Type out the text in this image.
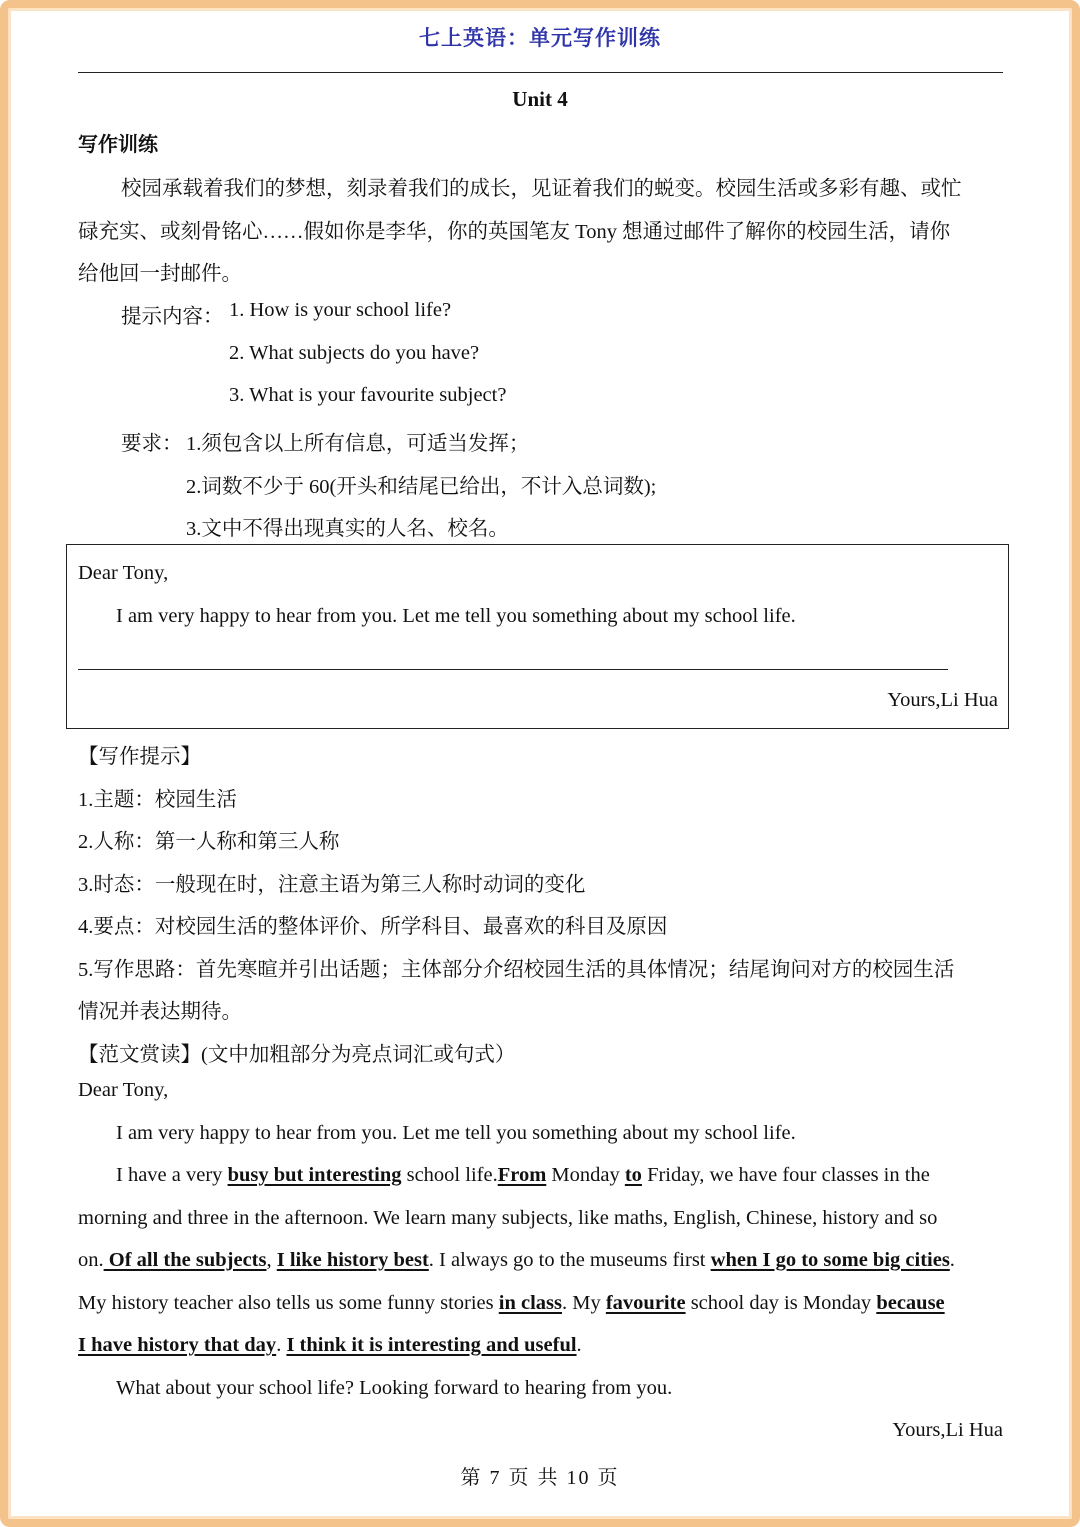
七上英语：单元写作训练
Unit 4
写作训练
校园承载着我们的梦想，刻录着我们的成长，见证着我们的蜕变。校园生活或多彩有趣、或忙
碌充实、或刻骨铭心……假如你是李华，你的英国笔友 Tony 想通过邮件了解你的校园生活，请你
给他回一封邮件。
提示内容： 1. How is your school life?
2. What subjects do you have?
3. What is your favourite subject?
要求： 1.须包含以上所有信息，可适当发挥；
2.词数不少于 60(开头和结尾已给出，不计入总词数);
3.文中不得出现真实的人名、校名。
Dear Tony,
I am very happy to hear from you. Let me tell you something about my school life.
Yours,Li Hua
【写作提示】
1.主题：校园生活
2.人称：第一人称和第三人称
3.时态：一般现在时，注意主语为第三人称时动词的变化
4.要点：对校园生活的整体评价、所学科目、最喜欢的科目及原因
5.写作思路：首先寒暄并引出话题；主体部分介绍校园生活的具体情况；结尾询问对方的校园生活
情况并表达期待。
【范文赏读】(文中加粗部分为亮点词汇或句式）
Dear Tony,
I am very happy to hear from you. Let me tell you something about my school life.
I have a very busy but interesting school life.From Monday to Friday, we have four classes in the
morning and three in the afternoon. We learn many subjects, like maths, English, Chinese, history and so
on. Of all the subjects, I like history best. I always go to the museums first when I go to some big cities.
My history teacher also tells us some funny stories in class. My favourite school day is Monday because
I have history that day. I think it is interesting and useful.
What about your school life? Looking forward to hearing from you.
Yours,Li Hua
第 7 页 共 10 页
